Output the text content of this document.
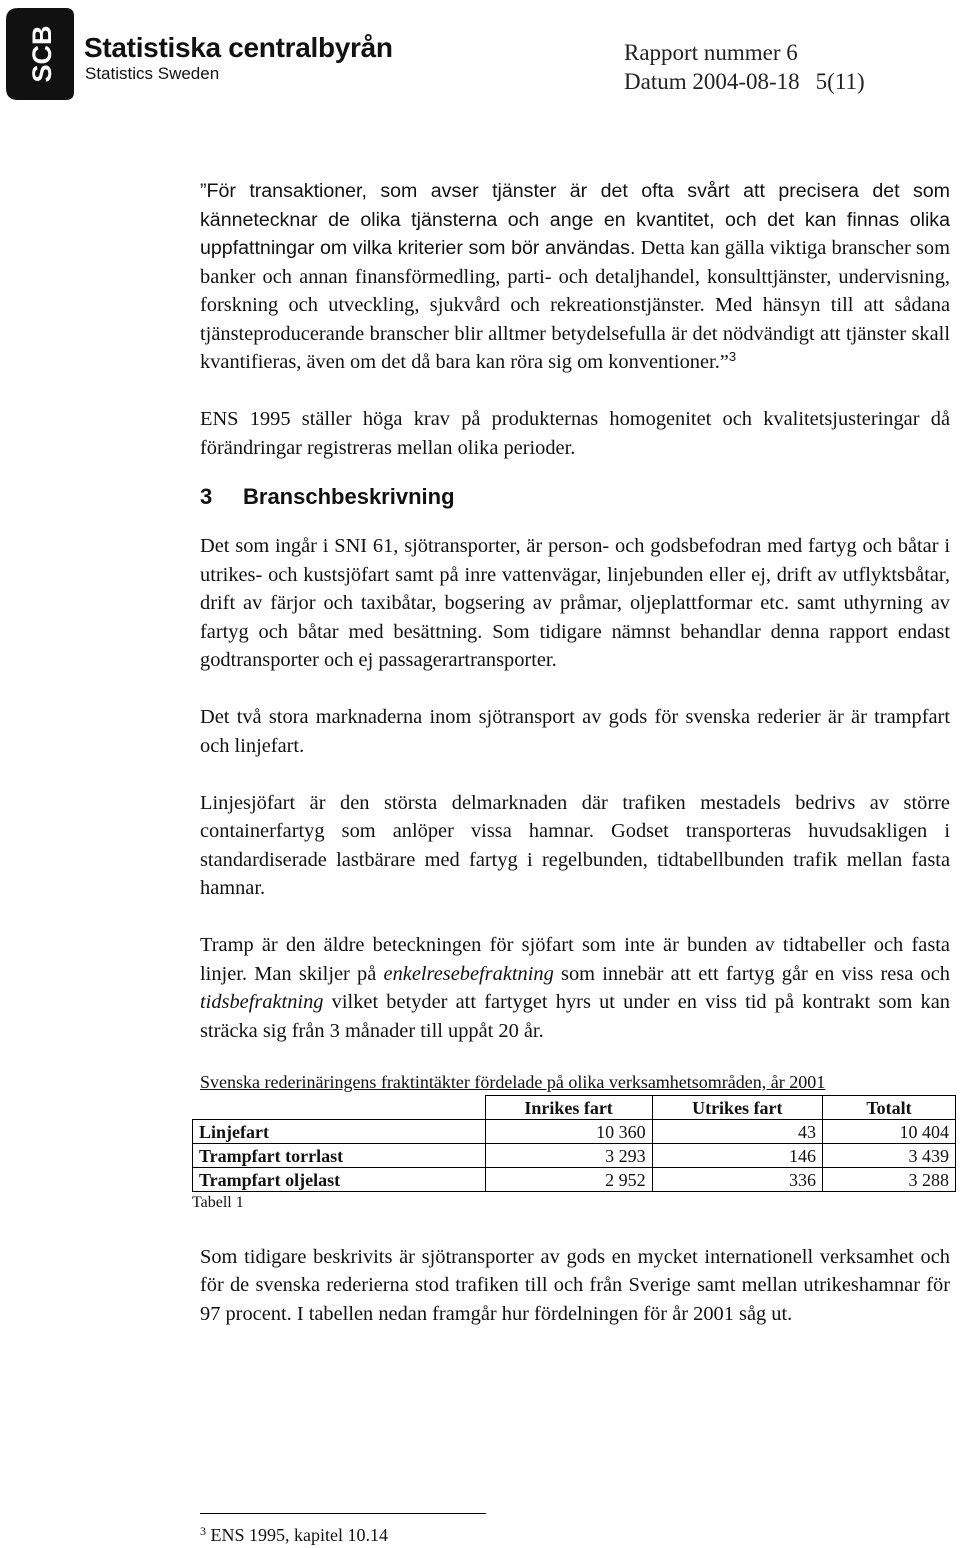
SCB Statistiska centralbyrån
Statistics Sweden
Rapport nummer 6
Datum 2004-08-18 5(11)

”För transaktioner, som avser tjänster är det ofta svårt att precisera det som kännetecknar de olika tjänsterna och ange en kvantitet, och det kan finnas olika uppfattningar om vilka kriterier som bör användas. Detta kan gälla viktiga branscher som banker och annan finansförmedling, parti- och detaljhandel, konsulttjänster, undervisning, forskning och utveckling, sjukvård och rekreationstjänster. Med hänsyn till att sådana tjänsteproducerande branscher blir alltmer betydelsefulla är det nödvändigt att tjänster skall kvantifieras, även om det då bara kan röra sig om konventioner.”$^3$

ENS 1995 ställer höga krav på produkternas homogenitet och kvalitetsjusteringar då förändringar registreras mellan olika perioder.

3 Branschbeskrivning

Det som ingår i SNI 61, sjötransporter, är person- och godsbefodran med fartyg och båtar i utrikes- och kustsjöfart samt på inre vattenvägar, linjebunden eller ej, drift av utflyktsbåtar, drift av färjor och taxibåtar, bogsering av pråmar, oljeplattformar etc. samt uthyrning av fartyg och båtar med besättning. Som tidigare nämnst behandlar denna rapport endast godtransporter och ej passagerartransporter.

Det två stora marknaderna inom sjötransport av gods för svenska rederier är är trampfart och linjefart.

Linjesjöfart är den största delmarknaden där trafiken mestadels bedrivs av större containerfartyg som anlöper vissa hamnar. Godset transporteras huvudsakligen i standardiserade lastbärare med fartyg i regelbunden, tidtabellbunden trafik mellan fasta hamnar.

Tramp är den äldre beteckningen för sjöfart som inte är bunden av tidtabeller och fasta linjer. Man skiljer på enkelresebefraktning som innebär att ett fartyg går en viss resa och tidsbefraktning vilket betyder att fartyget hyrs ut under en viss tid på kontrakt som kan sträcka sig från 3 månader till uppåt 20 år.

Svenska rederinäringens fraktintäkter fördelade på olika verksamhetsområden, år 2001
	Inrikes fart	Utrikes fart	Totalt
Linjefart	10 360	43	10 404
Trampfart torrlast	3 293	146	3 439
Trampfart oljelast	2 952	336	3 288
Tabell 1

Som tidigare beskrivits är sjötransporter av gods en mycket internationell verksamhet och för de svenska rederierna stod trafiken till och från Sverige samt mellan utrikeshamnar för 97 procent. I tabellen nedan framgår hur fördelningen för år 2001 såg ut.

$^3$ ENS 1995, kapitel 10.14
